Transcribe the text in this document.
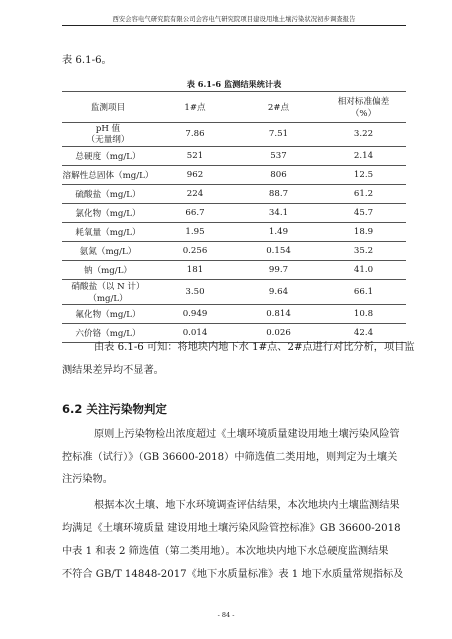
西安会容电气研究院有限公司会容电气研究院项目建设用地土壤污染状况初步调查报告
表 6.1-6。
表 6.1-6 监测结果统计表
监测项目	1#点	2#点	相对标准偏差
（%）

pH 值
（无量纲）	7.86	7.51	3.22
总硬度（mg/L）	521	537	2.14
溶解性总固体（mg/L）	962	806	12.5
硫酸盐（mg/L）	224	88.7	61.2
氯化物（mg/L）	66.7	34.1	45.7
耗氧量（mg/L）	1.95	1.49	18.9
氨氮（mg/L）	0.256	0.154	35.2
钠（mg/L）	181	99.7	41.0
硝酸盐（以 N 计）（mg/L）	3.50	9.64	66.1
氟化物（mg/L）	0.949	0.814	10.8
六价铬（mg/L）	0.014	0.026	42.4
由表 6.1-6 可知：将地块内地下水 1#点、2#点进行对比分析，项目监
测结果差异均不显著。
6.2 关注污染物判定
原则上污染物检出浓度超过《土壤环境质量建设用地土壤污染风险管
控标准（试行）》（GB 36600-2018）中筛选值二类用地，则判定为土壤关
注污染物。
根据本次土壤、地下水环境调查评估结果，本次地块内土壤监测结果
均满足《土壤环境质量 建设用地土壤污染风险管控标准》GB 36600-2018
中表 1 和表 2 筛选值（第二类用地）。本次地块内地下水总硬度监测结果
不符合 GB/T 14848-2017《地下水质量标准》表 1 地下水质量常规指标及
- 84 -
